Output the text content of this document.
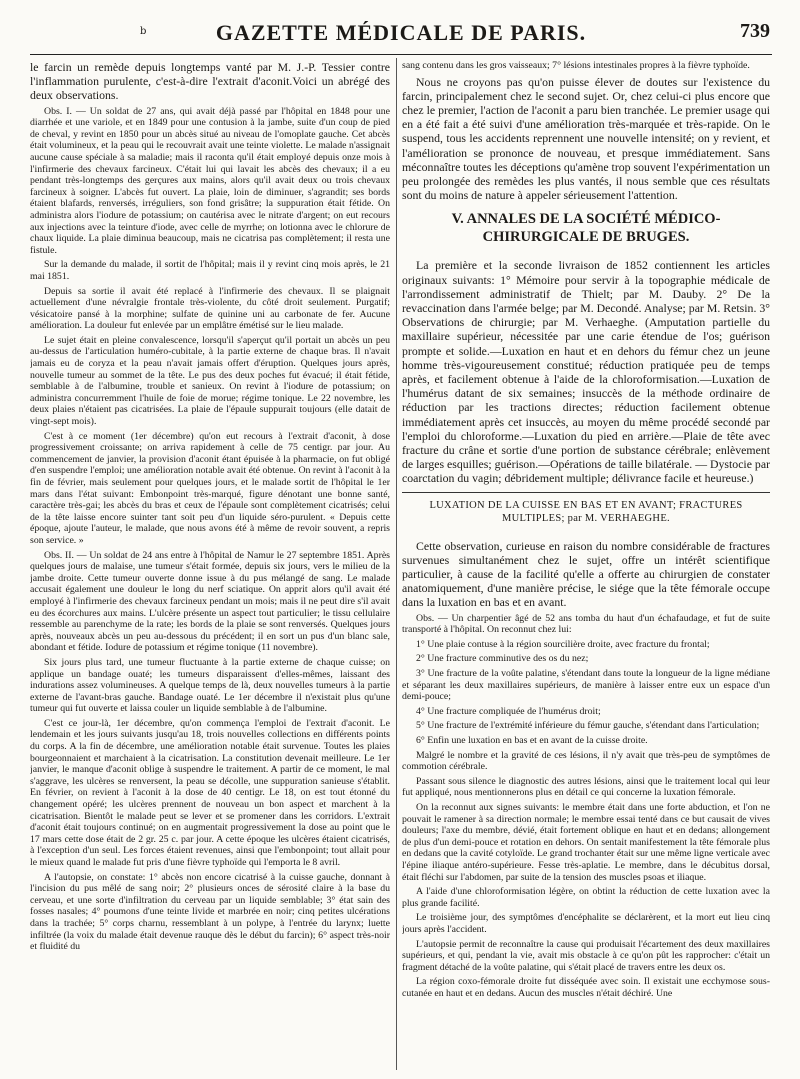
b	GAZETTE MÉDICALE DE PARIS.	739

le farcin un remède depuis longtemps vanté par M. J.-P. Tessier contre l'inflammation purulente, c'est-à-dire l'extrait d'aconit.Voici un abrégé des deux observations.

Obs. I. — Un soldat de 27 ans, qui avait déjà passé par l'hôpital en 1848 pour une diarrhée et une variole, et en 1849 pour une contusion à la jambe, suite d'un coup de pied de cheval, y revint en 1850 pour un abcès situé au niveau de l'omoplate gauche. Cet abcès était volumineux, et la peau qui le recouvrait avait une teinte violette. Le malade n'assignait aucune cause spéciale à sa maladie; mais il raconta qu'il était employé depuis onze mois à l'infirmerie des chevaux farcineux. C'était lui qui lavait les abcès des chevaux; il a eu pendant très-longtemps des gerçures aux mains, alors qu'il avait deux ou trois chevaux farcineux à soigner. L'abcès fut ouvert. La plaie, loin de diminuer, s'agrandit; ses bords étaient blafards, renversés, irréguliers, son fond grisâtre; la suppuration était fétide. On administra alors l'iodure de potassium; on cautérisa avec le nitrate d'argent; on eut recours aux injections avec la teinture d'iode, avec celle de myrrhe; on lotionna avec le chlorure de chaux liquide. La plaie diminua beaucoup, mais ne cicatrisa pas complètement; il resta une fistule.

Sur la demande du malade, il sortit de l'hôpital; mais il y revint cinq mois après, le 21 mai 1851.

Depuis sa sortie il avait été replacé à l'infirmerie des chevaux. Il se plaignait actuellement d'une névralgie frontale très-violente, du côté droit seulement. Purgatif; vésicatoire pansé à la morphine; sulfate de quinine uni au carbonate de fer. Aucune amélioration. La douleur fut enlevée par un emplâtre émétisé sur le lieu malade.

Le sujet était en pleine convalescence, lorsqu'il s'aperçut qu'il portait un abcès un peu au-dessus de l'articulation huméro-cubitale, à la partie externe de chaque bras. Il n'avait jamais eu de coryza et la peau n'avait jamais offert d'éruption. Quelques jours après, nouvelle tumeur au sommet de la tête. Le pus des deux poches fut évacué; il était fétide, semblable à de l'albumine, trouble et sanieux. On revint à l'iodure de potassium; on administra concurremment l'huile de foie de morue; régime tonique. Le 22 novembre, les deux plaies n'étaient pas cicatrisées. La plaie de l'épaule suppurait toujours (elle datait de vingt-sept mois).

C'est à ce moment (1er décembre) qu'on eut recours à l'extrait d'aconit, à dose progressivement croissante; on arriva rapidement à celle de 75 centigr. par jour. Au commencement de janvier, la provision d'aconit étant épuisée à la pharmacie, on fut obligé d'en suspendre l'emploi; une amélioration notable avait été obtenue. On revint à l'aconit à la fin de février, mais seulement pour quelques jours, et le malade sortit de l'hôpital le 1er mars dans l'état suivant: Embonpoint très-marqué, figure dénotant une bonne santé, caractère très-gai; les abcès du bras et ceux de l'épaule sont complètement cicatrisés; celui de la tête laisse encore suinter tant soit peu d'un liquide séro-purulent. « Depuis cette époque, ajoute l'auteur, le malade, que nous avons été à même de revoir souvent, a repris son service. »

Obs. II. — Un soldat de 24 ans entre à l'hôpital de Namur le 27 septembre 1851. Après quelques jours de malaise, une tumeur s'était formée, depuis six jours, vers le milieu de la jambe droite. Cette tumeur ouverte donne issue à du pus mélangé de sang. Le malade accusait également une douleur le long du nerf sciatique. On apprit alors qu'il avait été employé à l'infirmerie des chevaux farcineux pendant un mois; mais il ne peut dire s'il avait eu des écorchures aux mains. L'ulcère présente un aspect tout particulier; le tissu cellulaire ressemble au parenchyme de la rate; les bords de la plaie se sont renversés. Quelques jours après, nouveaux abcès un peu au-dessous du précédent; il en sort un pus d'un blanc sale, abondant et fétide. Iodure de potassium et régime tonique (11 novembre).

Six jours plus tard, une tumeur fluctuante à la partie externe de chaque cuisse; on applique un bandage ouaté; les tumeurs disparaissent d'elles-mêmes, laissant des indurations assez volumineuses. A quelque temps de là, deux nouvelles tumeurs à la partie externe de l'avant-bras gauche. Bandage ouaté. Le 1er décembre il n'existait plus qu'une tumeur qui fut ouverte et laissa couler un liquide semblable à de l'albumine.

C'est ce jour-là, 1er décembre, qu'on commença l'emploi de l'extrait d'aconit. Le lendemain et les jours suivants jusqu'au 18, trois nouvelles collections en différents points du corps. A la fin de décembre, une amélioration notable était survenue. Toutes les plaies bourgeonnaient et marchaient à la cicatrisation. La constitution devenait meilleure. Le 1er janvier, le manque d'aconit oblige à suspendre le traitement. A partir de ce moment, le mal s'aggrave, les ulcères se renversent, la peau se décolle, une suppuration sanieuse s'établit. En février, on revient à l'aconit à la dose de 40 centigr. Le 18, on est tout étonné du changement opéré; les ulcères prennent de nouveau un bon aspect et marchent à la cicatrisation. Bientôt le malade peut se lever et se promener dans les corridors. L'extrait d'aconit était toujours continué; on en augmentait progressivement la dose au point que le 17 mars cette dose était de 2 gr. 25 c. par jour. A cette époque les ulcères étaient cicatrisés, à l'exception d'un seul. Les forces étaient revenues, ainsi que l'embonpoint; tout allait pour le mieux quand le malade fut pris d'une fièvre typhoïde qui l'emporta le 8 avril.

A l'autopsie, on constate: 1° abcès non encore cicatrisé à la cuisse gauche, donnant à l'incision du pus mêlé de sang noir; 2° plusieurs onces de sérosité claire à la base du cerveau, et une sorte d'infiltration du cerveau par un liquide semblable; 3° état sain des fosses nasales; 4° poumons d'une teinte livide et marbrée en noir; cinq petites ulcérations dans la trachée; 5° corps charnu, ressemblant à un polype, à l'entrée du larynx; luette infiltrée (la voix du malade était devenue rauque dès le début du farcin); 6° aspect très-noir et fluidité du

sang contenu dans les gros vaisseaux; 7° lésions intestinales propres à la fièvre typhoïde.

Nous ne croyons pas qu'on puisse élever de doutes sur l'existence du farcin, principalement chez le second sujet. Or, chez celui-ci plus encore que chez le premier, l'action de l'aconit a paru bien tranchée. Le premier usage qui en a été fait a été suivi d'une amélioration très-marquée et très-rapide. On le suspend, tous les accidents reprennent une nouvelle intensité; on y revient, et l'amélioration se prononce de nouveau, et presque immédiatement. Sans méconnaître toutes les déceptions qu'amène trop souvent l'expérimentation un peu prolongée des remèdes les plus vantés, il nous semble que ces résultats sont du moins de nature à appeler sérieusement l'attention.

V. ANNALES DE LA SOCIÉTÉ MÉDICO-CHIRURGICALE DE BRUGES.

La première et la seconde livraison de 1852 contiennent les articles originaux suivants: 1° Mémoire pour servir à la topographie médicale de l'arrondissement administratif de Thielt; par M. Dauby. 2° De la revaccination dans l'armée belge; par M. Decondé. Analyse; par M. Retsin. 3° Observations de chirurgie; par M. Verhaeghe. (Amputation partielle du maxillaire supérieur, nécessitée par une carie étendue de l'os; guérison prompte et solide.—Luxation en haut et en dehors du fémur chez un jeune homme très-vigoureusement constitué; réduction pratiquée peu de temps après, et facilement obtenue à l'aide de la chloroformisation.—Luxation de l'humérus datant de six semaines; insuccès de la méthode ordinaire de réduction par les tractions directes; réduction facilement obtenue immédiatement après cet insuccès, au moyen du même procédé secondé par l'emploi du chloroforme.—Luxation du pied en arrière.—Plaie de tête avec fracture du crâne et sortie d'une portion de substance cérébrale; enlèvement de larges esquilles; guérison.—Opérations de taille bilatérale. — Dystocie par coarctation du vagin; débridement multiple; délivrance facile et heureuse.)

LUXATION DE LA CUISSE EN BAS ET EN AVANT; FRACTURES MULTIPLES; par M. VERHAEGHE.

Cette observation, curieuse en raison du nombre considérable de fractures survenues simultanément chez le sujet, offre un intérêt scientifique particulier, à cause de la facilité qu'elle a offerte au chirurgien de constater anatomiquement, d'une manière précise, le siége que la tête fémorale occupe dans la luxation en bas et en avant.

Obs. — Un charpentier âgé de 52 ans tomba du haut d'un échafaudage, et fut de suite transporté à l'hôpital. On reconnut chez lui:

1° Une plaie contuse à la région sourcilière droite, avec fracture du frontal;

2° Une fracture comminutive des os du nez;

3° Une fracture de la voûte palatine, s'étendant dans toute la longueur de la ligne médiane et séparant les deux maxillaires supérieurs, de manière à laisser entre eux un espace d'un demi-pouce;

4° Une fracture compliquée de l'humérus droit;

5° Une fracture de l'extrémité inférieure du fémur gauche, s'étendant dans l'articulation;

6° Enfin une luxation en bas et en avant de la cuisse droite.

Malgré le nombre et la gravité de ces lésions, il n'y avait que très-peu de symptômes de commotion cérébrale.

Passant sous silence le diagnostic des autres lésions, ainsi que le traitement local qui leur fut appliqué, nous mentionnerons plus en détail ce qui concerne la luxation fémorale.

On la reconnut aux signes suivants: le membre était dans une forte abduction, et l'on ne pouvait le ramener à sa direction normale; le membre essai tenté dans ce but causait de vives douleurs; l'axe du membre, dévié, était fortement oblique en haut et en dedans; allongement de plus d'un demi-pouce et rotation en dehors. On sentait manifestement la tête fémorale plus en dedans que la cavité cotyloïde. Le grand trochanter était sur une même ligne verticale avec l'épine iliaque antéro-supérieure. Fesse très-aplatie. Le membre, dans le décubitus dorsal, était fléchi sur l'abdomen, par suite de la tension des muscles psoas et iliaque.

A l'aide d'une chloroformisation légère, on obtint la réduction de cette luxation avec la plus grande facilité.

Le troisième jour, des symptômes d'encéphalite se déclarèrent, et la mort eut lieu cinq jours après l'accident.

L'autopsie permit de reconnaître la cause qui produisait l'écartement des deux maxillaires supérieurs, et qui, pendant la vie, avait mis obstacle à ce qu'on pût les rapprocher: c'était un fragment détaché de la voûte palatine, qui s'était placé de travers entre les deux os.

La région coxo-fémorale droite fut disséquée avec soin. Il existait une ecchymose sous-cutanée en haut et en dedans. Aucun des muscles n'était déchiré. Une
